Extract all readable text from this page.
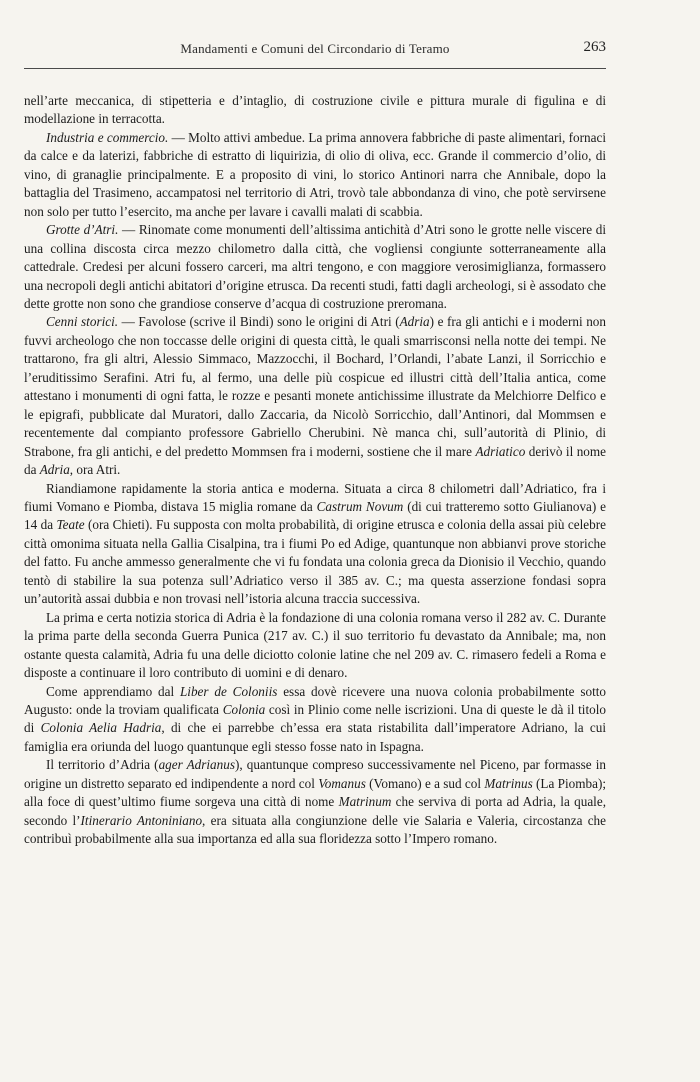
Mandamenti e Comuni del Circondario di Teramo	263

nell’arte meccanica, di stipetteria e d’intaglio, di costruzione civile e pittura murale di figulina e di modellazione in terracotta.

Industria e commercio. — Molto attivi ambedue. La prima annovera fabbriche di paste alimentari, fornaci da calce e da laterizi, fabbriche di estratto di liquirizia, di olio di oliva, ecc. Grande il commercio d’olio, di vino, di granaglie principalmente. E a proposito di vini, lo storico Antinori narra che Annibale, dopo la battaglia del Trasimeno, accampatosi nel territorio di Atri, trovò tale abbondanza di vino, che potè servirsene non solo per tutto l’esercito, ma anche per lavare i cavalli malati di scabbia.

Grotte d’Atri. — Rinomate come monumenti dell’altissima antichità d’Atri sono le grotte nelle viscere di una collina discosta circa mezzo chilometro dalla città, che vogliensi congiunte sotterraneamente alla cattedrale. Credesi per alcuni fossero carceri, ma altri tengono, e con maggiore verosimiglianza, formassero una necropoli degli antichi abitatori d’origine etrusca. Da recenti studi, fatti dagli archeologi, si è assodato che dette grotte non sono che grandiose conserve d’acqua di costruzione preromana.

Cenni storici. — Favolose (scrive il Bindi) sono le origini di Atri (Adria) e fra gli antichi e i moderni non fuvvi archeologo che non toccasse delle origini di questa città, le quali smarrisconsi nella notte dei tempi. Ne trattarono, fra gli altri, Alessio Simmaco, Mazzocchi, il Bochard, l’Orlandi, l’abate Lanzi, il Sorricchio e l’eruditissimo Serafini. Atri fu, al fermo, una delle più cospicue ed illustri città dell’Italia antica, come attestano i monumenti di ogni fatta, le rozze e pesanti monete antichissime illustrate da Melchiorre Delfico e le epigrafi, pubblicate dal Muratori, dallo Zaccaria, da Nicolò Sorricchio, dall’Antinori, dal Mommsen e recentemente dal compianto professore Gabriello Cherubini. Nè manca chi, sull’autorità di Plinio, di Strabone, fra gli antichi, e del predetto Mommsen fra i moderni, sostiene che il mare Adriatico derivò il nome da Adria, ora Atri.

Riandiamone rapidamente la storia antica e moderna. Situata a circa 8 chilometri dall’Adriatico, fra i fiumi Vomano e Piomba, distava 15 miglia romane da Castrum Novum (di cui tratteremo sotto Giulianova) e 14 da Teate (ora Chieti). Fu supposta con molta probabilità, di origine etrusca e colonia della assai più celebre città omonima situata nella Gallia Cisalpina, tra i fiumi Po ed Adige, quantunque non abbianvi prove storiche del fatto. Fu anche ammesso generalmente che vi fu fondata una colonia greca da Dionisio il Vecchio, quando tentò di stabilire la sua potenza sull’Adriatico verso il 385 av. C.; ma questa asserzione fondasi sopra un’autorità assai dubbia e non trovasi nell’istoria alcuna traccia successiva.

La prima e certa notizia storica di Adria è la fondazione di una colonia romana verso il 282 av. C. Durante la prima parte della seconda Guerra Punica (217 av. C.) il suo territorio fu devastato da Annibale; ma, non ostante questa calamità, Adria fu una delle diciotto colonie latine che nel 209 av. C. rimasero fedeli a Roma e disposte a continuare il loro contributo di uomini e di denaro.

Come apprendiamo dal Liber de Coloniis essa dovè ricevere una nuova colonia probabilmente sotto Augusto: onde la troviam qualificata Colonia così in Plinio come nelle iscrizioni. Una di queste le dà il titolo di Colonia Aelia Hadria, di che ei parrebbe ch’essa era stata ristabilita dall’imperatore Adriano, la cui famiglia era oriunda del luogo quantunque egli stesso fosse nato in Ispagna.

Il territorio d’Adria (ager Adrianus), quantunque compreso successivamente nel Piceno, par formasse in origine un distretto separato ed indipendente a nord col Vomanus (Vomano) e a sud col Matrinus (La Piomba); alla foce di quest’ultimo fiume sorgeva una città di nome Matrinum che serviva di porta ad Adria, la quale, secondo l’Itinerario Antoniniano, era situata alla congiunzione delle vie Salaria e Valeria, circostanza che contribuì probabilmente alla sua importanza ed alla sua floridezza sotto l’Impero romano.
